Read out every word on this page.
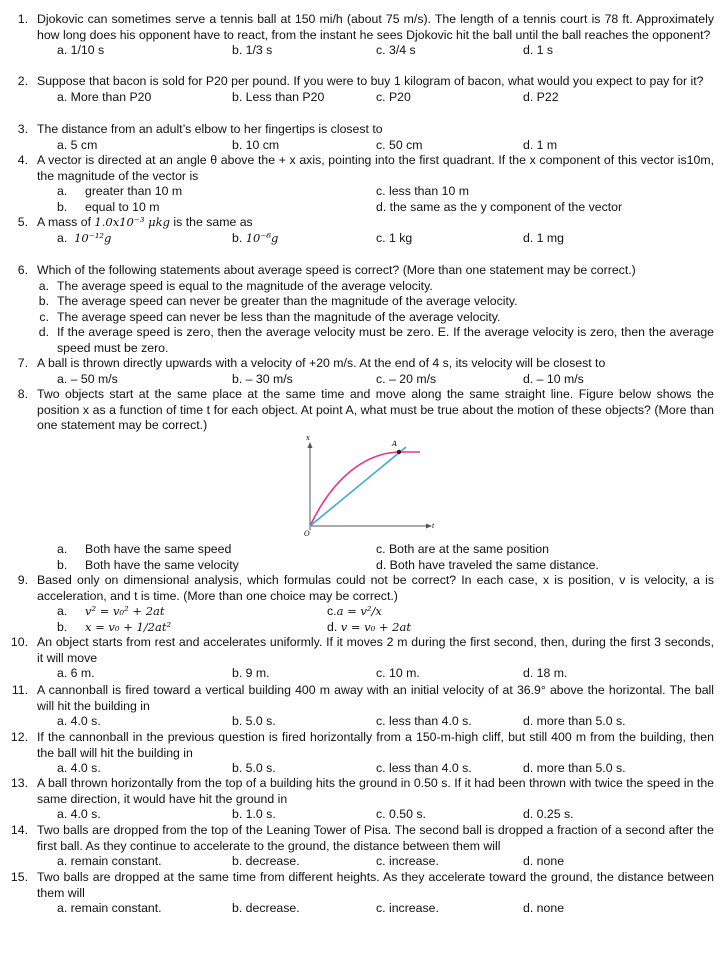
1. Djokovic can sometimes serve a tennis ball at 150 mi/h (about 75 m/s). The length of a tennis court is 78 ft. Approximately how long does his opponent have to react, from the instant he sees Djokovic hit the ball until the ball reaches the opponent?
a. 1/10 s	b. 1/3 s	c. 3/4 s	d. 1 s
2. Suppose that bacon is sold for P20 per pound. If you were to buy 1 kilogram of bacon, what would you expect to pay for it?
a. More than P20	b. Less than P20	c. P20	d. P22
3. The distance from an adult’s elbow to her fingertips is closest to
a. 5 cm	b. 10 cm	c. 50 cm	d. 1 m
4. A vector is directed at an angle θ above the + x axis, pointing into the first quadrant. If the x component of this vector is10m, the magnitude of the vector is
a. greater than 10 m	c. less than 10 m
b. equal to 10 m	d. the same as the y component of the vector
5. A mass of 1.0x10⁻³ μkg is the same as
a. 10⁻¹²g	b. 10⁻⁶g	c. 1 kg	d. 1 mg
6. Which of the following statements about average speed is correct? (More than one statement may be correct.)
a. The average speed is equal to the magnitude of the average velocity.
b. The average speed can never be greater than the magnitude of the average velocity.
c. The average speed can never be less than the magnitude of the average velocity.
d. If the average speed is zero, then the average velocity must be zero. E. If the average velocity is zero, then the average speed must be zero.
7. A ball is thrown directly upwards with a velocity of +20 m/s. At the end of 4 s, its velocity will be closest to
a. – 50 m/s	b. – 30 m/s	c. – 20 m/s	d. – 10 m/s
8. Two objects start at the same place at the same time and move along the same straight line. Figure below shows the position x as a function of time t for each object. At point A, what must be true about the motion of these objects? (More than one statement may be correct.)
x
t
O
A
a. Both have the same speed	c. Both are at the same position
b. Both have the same velocity	d. Both have traveled the same distance.
9. Based only on dimensional analysis, which formulas could not be correct? In each case, x is position, v is velocity, a is acceleration, and t is time. (More than one choice may be correct.)
a. v² = v₀² + 2at	c.a = v²/x
b. x = v₀ + 1/2at²	d. v = v₀ + 2at
10. An object starts from rest and accelerates uniformly. If it moves 2 m during the first second, then, during the first 3 seconds, it will move
a. 6 m.	b. 9 m.	c. 10 m.	d. 18 m.
11. A cannonball is fired toward a vertical building 400 m away with an initial velocity of at 36.9° above the horizontal. The ball will hit the building in
a. 4.0 s.	b. 5.0 s.	c. less than 4.0 s.	d. more than 5.0 s.
12. If the cannonball in the previous question is fired horizontally from a 150-m-high cliff, but still 400 m from the building, then the ball will hit the building in
a. 4.0 s.	b. 5.0 s.	c. less than 4.0 s.	d. more than 5.0 s.
13. A ball thrown horizontally from the top of a building hits the ground in 0.50 s. If it had been thrown with twice the speed in the same direction, it would have hit the ground in
a. 4.0 s.	b. 1.0 s.	c. 0.50 s.	d. 0.25 s.
14. Two balls are dropped from the top of the Leaning Tower of Pisa. The second ball is dropped a fraction of a second after the first ball. As they continue to accelerate to the ground, the distance between them will
a. remain constant.	b. decrease.	c. increase.	d. none
15. Two balls are dropped at the same time from different heights. As they accelerate toward the ground, the distance between them will
a. remain constant.	b. decrease.	c. increase.	d. none
